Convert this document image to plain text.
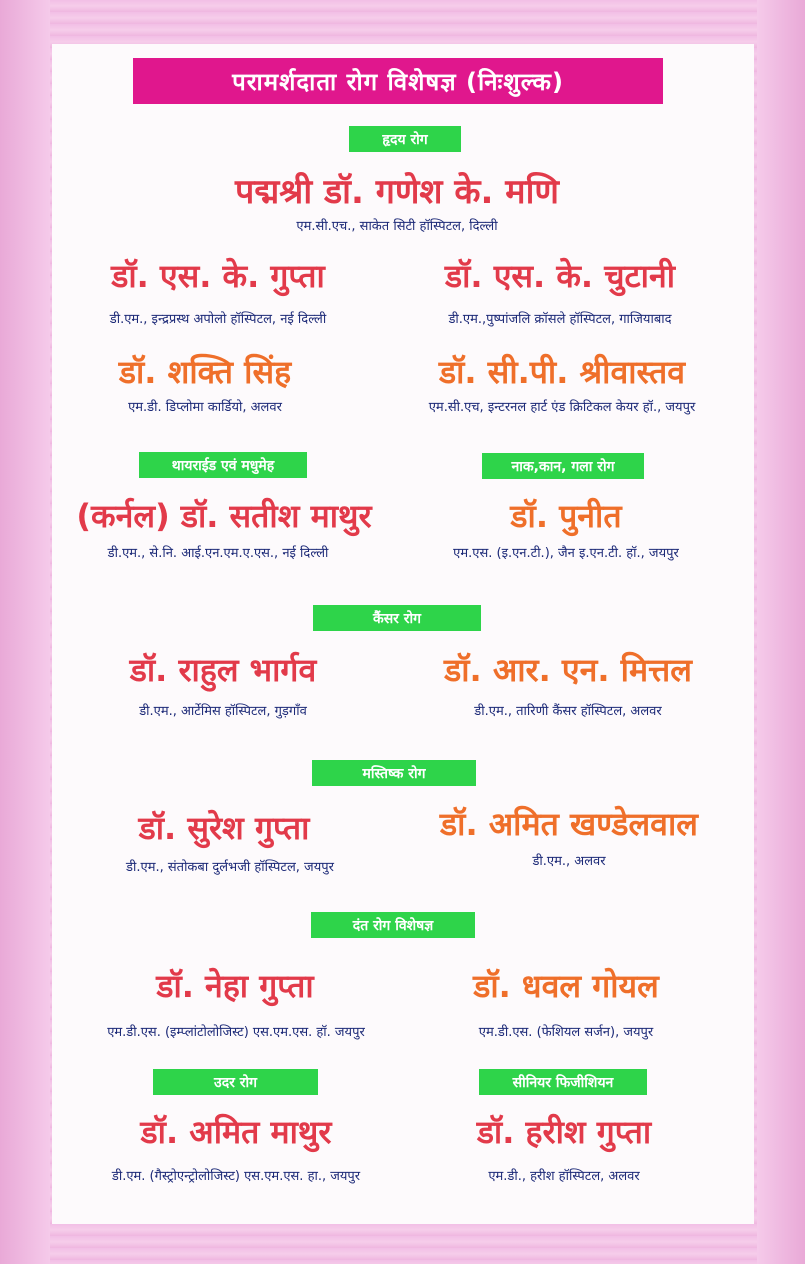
परामर्शदाता रोग विशेषज्ञ (निःशुल्क)
हृदय रोग
पद्मश्री डॉ. गणेश के. मणि
एम.सी.एच., साकेत सिटी हॉस्पिटल, दिल्ली
डॉ. एस. के. गुप्ता
डी.एम., इन्द्रप्रस्थ अपोलो हॉस्पिटल, नई दिल्ली
डॉ. एस. के. चुटानी
डी.एम.,पुष्पांजलि क्रॉसले हॉस्पिटल, गाजियाबाद
डॉ. शक्ति सिंह
एम.डी. डिप्लोमा कार्डियो, अलवर
डॉ. सी.पी. श्रीवास्तव
एम.सी.एच, इन्टरनल हार्ट एंड क्रिटिकल केयर हॉ., जयपुर
थायराईड एवं मधुमेह	नाक,कान, गला रोग
(कर्नल) डॉ. सतीश माथुर
डी.एम., से.नि. आई.एन.एम.ए.एस., नई दिल्ली
डॉ. पुनीत
एम.एस. (इ.एन.टी.), जैन इ.एन.टी. हॉ., जयपुर
कैंसर रोग
डॉ. राहुल भार्गव
डी.एम., आर्टेमिस हॉस्पिटल, गुड़गाँव
डॉ. आर. एन. मित्तल
डी.एम., तारिणी कैंसर हॉस्पिटल, अलवर
मस्तिष्क रोग
डॉ. सुरेश गुप्ता
डी.एम., संतोकबा दुर्लभजी हॉस्पिटल, जयपुर
डॉ. अमित खण्डेलवाल
डी.एम., अलवर
दंत रोग विशेषज्ञ
डॉ. नेहा गुप्ता
एम.डी.एस. (इम्प्लांटोलोजिस्ट) एस.एम.एस. हॉ. जयपुर
डॉ. धवल गोयल
एम.डी.एस. (फेशियल सर्जन), जयपुर
उदर रोग	सीनियर फिजीशियन
डॉ. अमित माथुर
डी.एम. (गैस्ट्रोएन्ट्रोलोजिस्ट) एस.एम.एस. हा., जयपुर
डॉ. हरीश गुप्ता
एम.डी., हरीश हॉस्पिटल, अलवर
